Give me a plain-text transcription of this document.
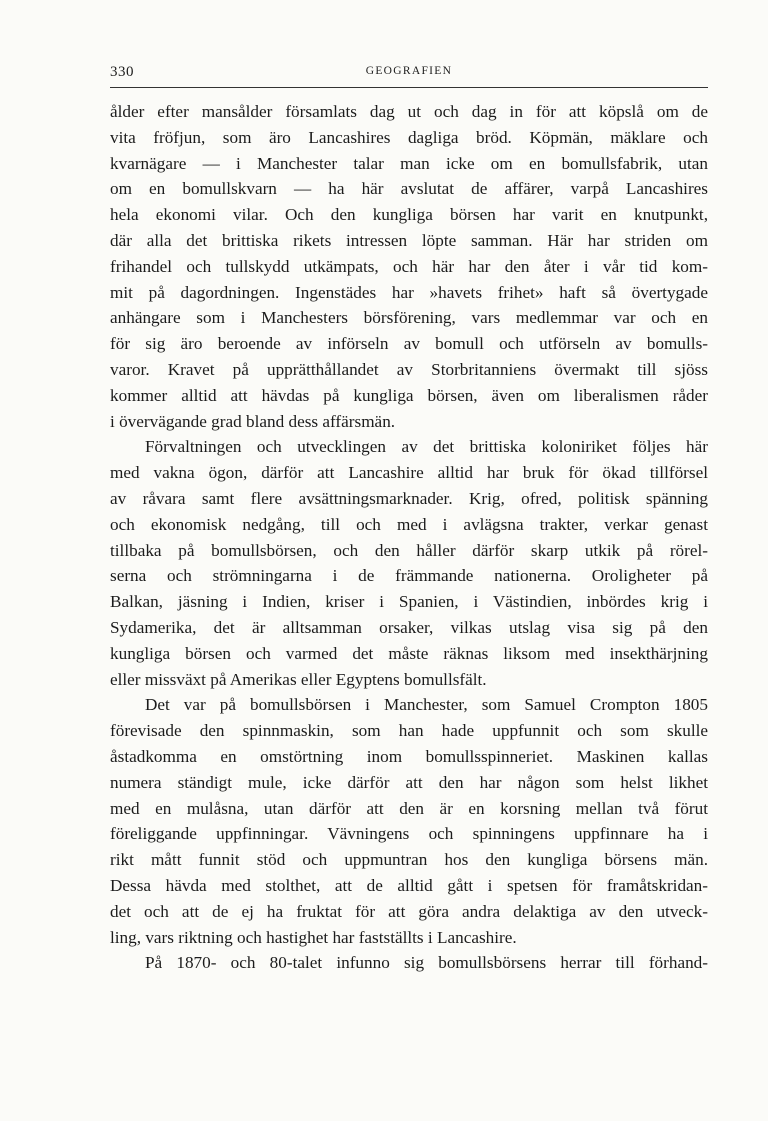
330	GEOGRAFIEN
ålder efter mansålder församlats dag ut och dag in för att köpslå om de
vita fröfjun, som äro Lancashires dagliga bröd. Köpmän, mäklare och
kvarnägare — i Manchester talar man icke om en bomullsfabrik, utan
om en bomullskvarn — ha här avslutat de affärer, varpå Lancashires
hela ekonomi vilar. Och den kungliga börsen har varit en knutpunkt,
där alla det brittiska rikets intressen löpte samman. Här har striden om
frihandel och tullskydd utkämpats, och här har den åter i vår tid kom-
mit på dagordningen. Ingenstädes har »havets frihet» haft så övertygade
anhängare som i Manchesters börsförening, vars medlemmar var och en
för sig äro beroende av införseln av bomull och utförseln av bomulls-
varor. Kravet på upprätthållandet av Storbritanniens övermakt till sjöss
kommer alltid att hävdas på kungliga börsen, även om liberalismen råder
i övervägande grad bland dess affärsmän.
Förvaltningen och utvecklingen av det brittiska koloniriket följes här
med vakna ögon, därför att Lancashire alltid har bruk för ökad tillförsel
av råvara samt flere avsättningsmarknader. Krig, ofred, politisk spänning
och ekonomisk nedgång, till och med i avlägsna trakter, verkar genast
tillbaka på bomullsbörsen, och den håller därför skarp utkik på rörel-
serna och strömningarna i de främmande nationerna. Oroligheter på
Balkan, jäsning i Indien, kriser i Spanien, i Västindien, inbördes krig i
Sydamerika, det är alltsamman orsaker, vilkas utslag visa sig på den
kungliga börsen och varmed det måste räknas liksom med insekthärjning
eller missväxt på Amerikas eller Egyptens bomullsfält.
Det var på bomullsbörsen i Manchester, som Samuel Crompton 1805
förevisade den spinnmaskin, som han hade uppfunnit och som skulle
åstadkomma en omstörtning inom bomullsspinneriet. Maskinen kallas
numera ständigt mule, icke därför att den har någon som helst likhet
med en mulåsna, utan därför att den är en korsning mellan två förut
föreliggande uppfinningar. Vävningens och spinningens uppfinnare ha i
rikt mått funnit stöd och uppmuntran hos den kungliga börsens män.
Dessa hävda med stolthet, att de alltid gått i spetsen för framåtskridan-
det och att de ej ha fruktat för att göra andra delaktiga av den utveck-
ling, vars riktning och hastighet har fastställts i Lancashire.
På 1870- och 80-talet infunno sig bomullsbörsens herrar till förhand-
